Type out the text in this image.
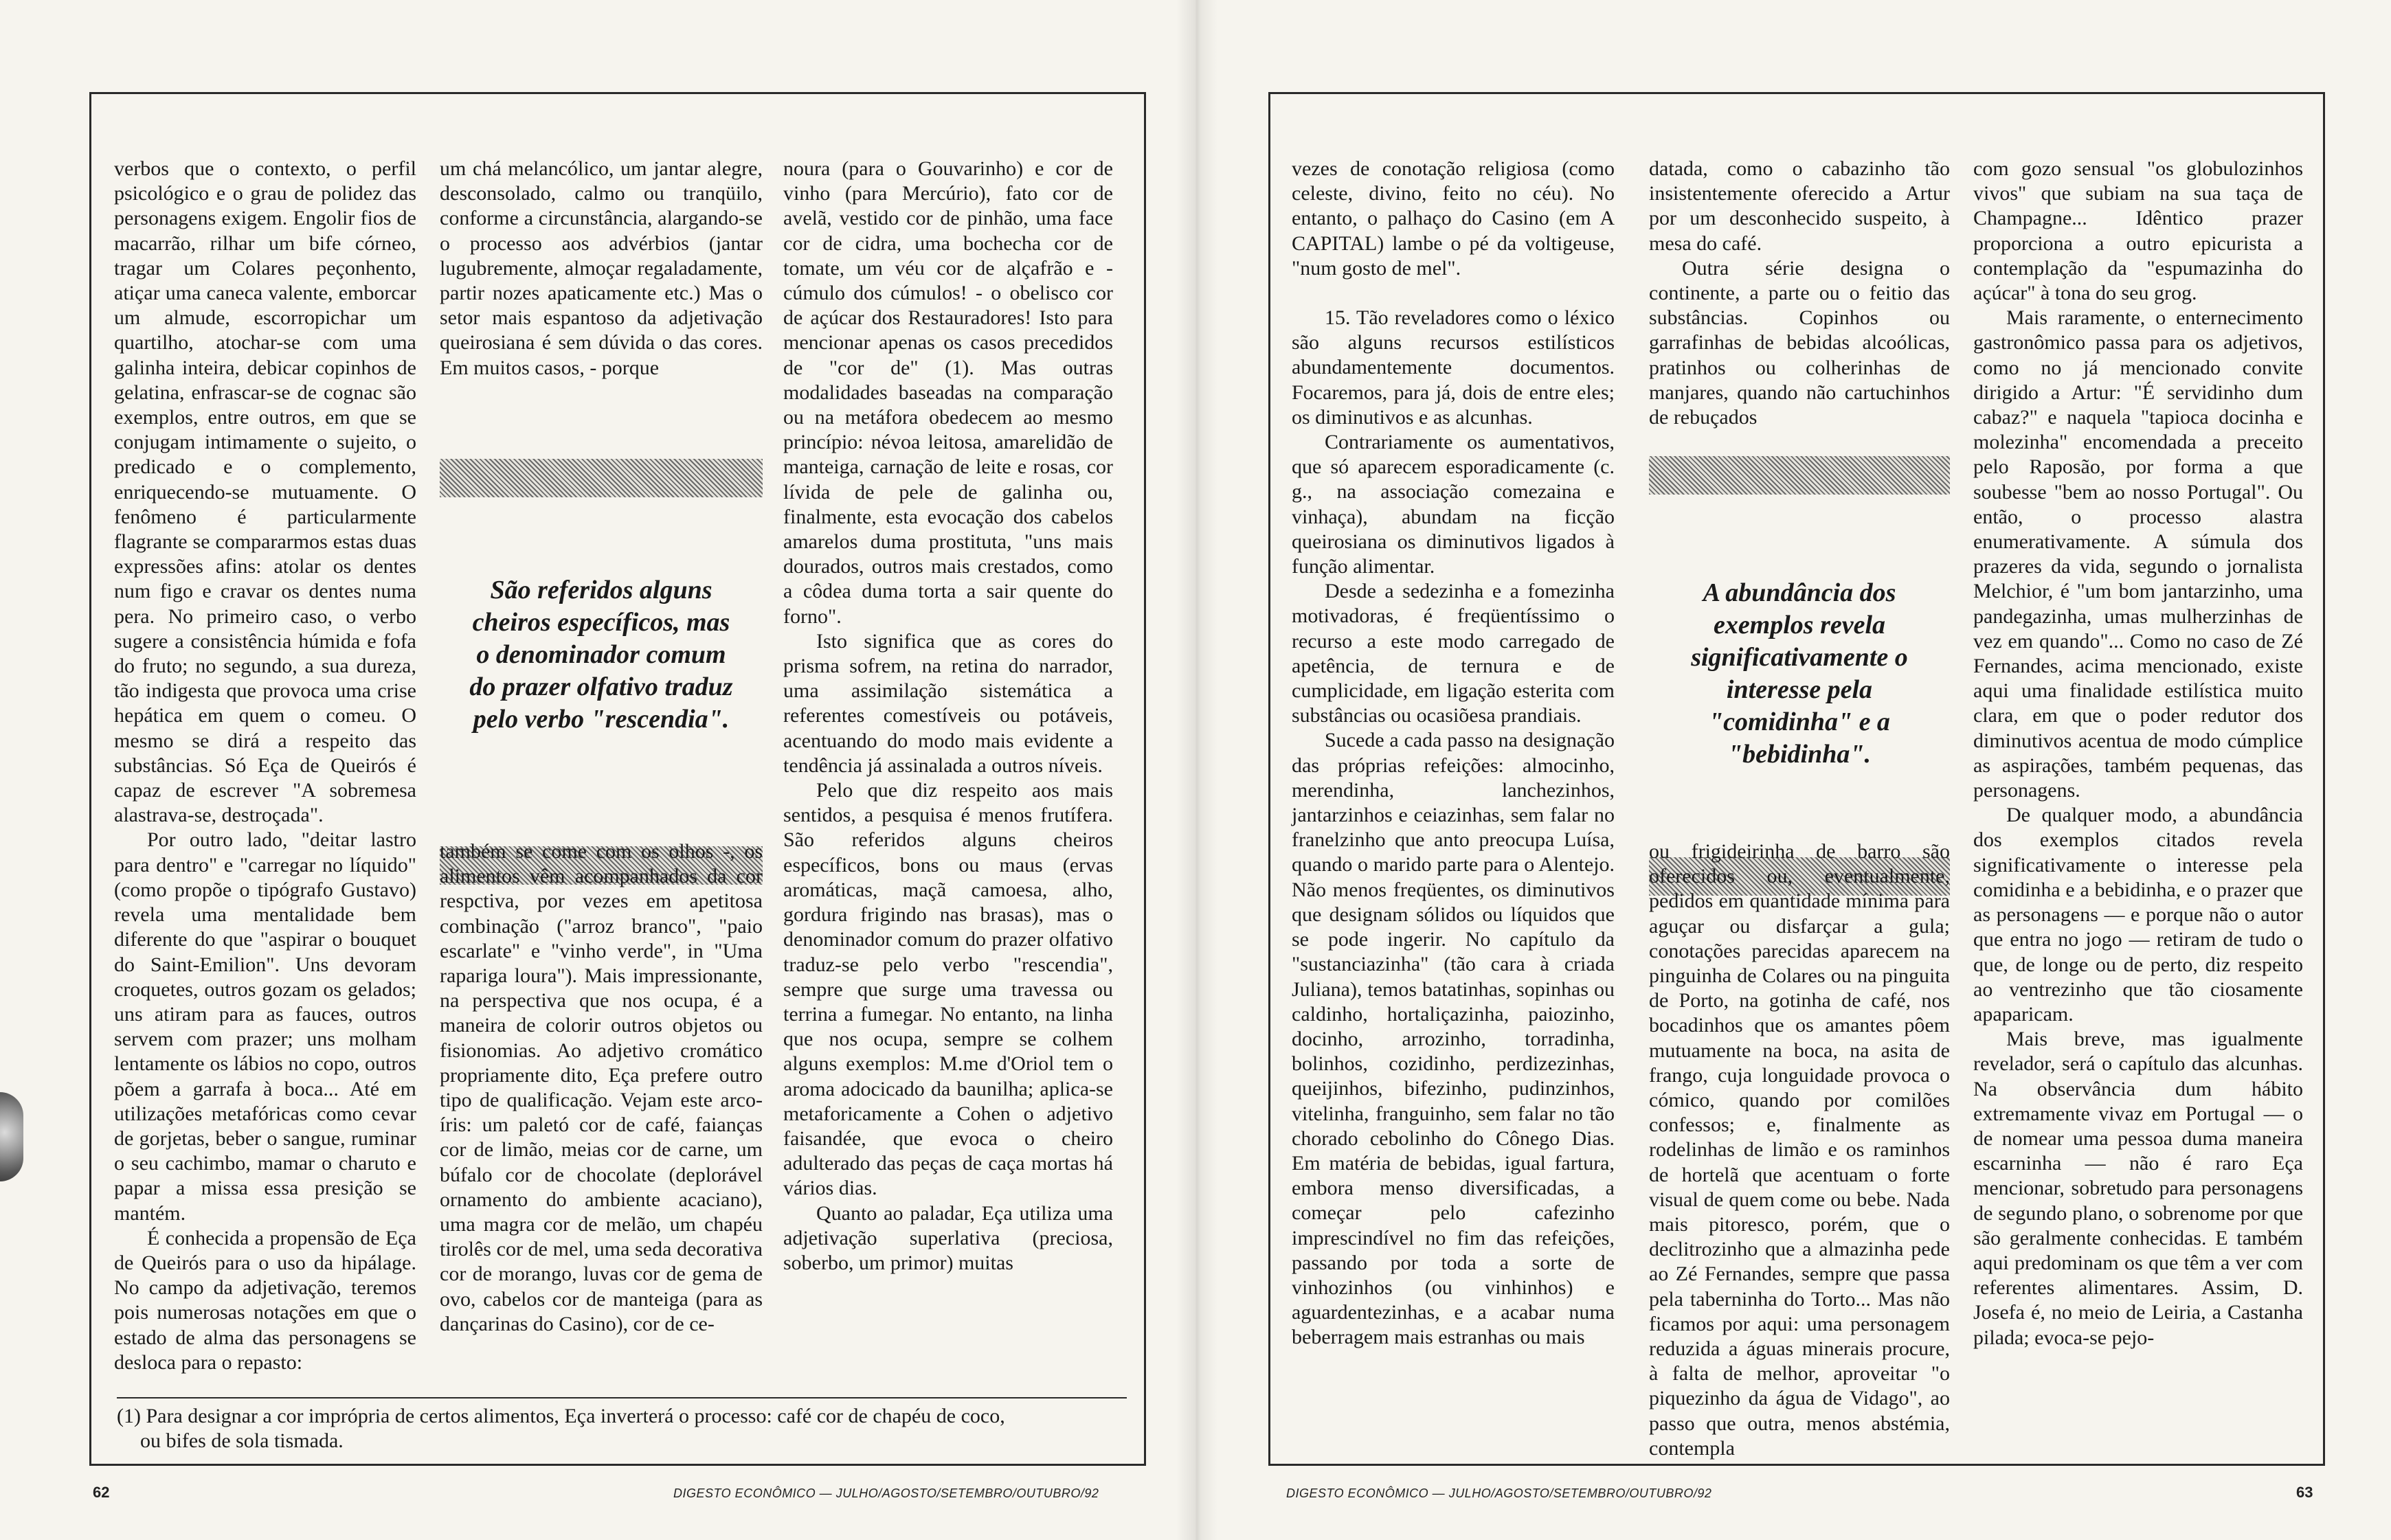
verbos que o contexto, o perfil psicológico e o grau de polidez das personagens exigem. Engolir fios de macarrão, rilhar um bife córneo, tragar um Colares peçonhento, atiçar uma caneca valente, emborcar um almude, escorropichar um quartilho, atochar-se com uma galinha inteira, debicar copinhos de gelatina, enfrascar-se de cognac são exemplos, entre outros, em que se conjugam intimamente o sujeito, o predicado e o complemento, enriquecendo-se mutuamente. O fenômeno é particularmente flagrante se compararmos estas duas expressões afins: atolar os dentes num figo e cravar os dentes numa pera. No primeiro caso, o verbo sugere a consistência húmida e fofa do fruto; no segundo, a sua dureza, tão indigesta que provoca uma crise hepática em quem o comeu. O mesmo se dirá a respeito das substâncias. Só Eça de Queirós é capaz de escrever "A sobremesa alastrava-se, destroçada".

Por outro lado, "deitar lastro para dentro" e "carregar no líquido" (como propõe o tipógrafo Gustavo) revela uma mentalidade bem diferente do que "aspirar o bouquet do Saint-Emilion". Uns devoram croquetes, outros gozam os gelados; uns atiram para as fauces, outros servem com prazer; uns molham lentamente os lábios no copo, outros põem a garrafa à boca... Até em utilizações metafóricas como cevar de gorjetas, beber o sangue, ruminar o seu cachimbo, mamar o charuto e papar a missa essa presição se mantém.

É conhecida a propensão de Eça de Queirós para o uso da hipálage. No campo da adjetivação, teremos pois numerosas notações em que o estado de alma das personagens se desloca para o repasto:

um chá melancólico, um jantar alegre, desconsolado, calmo ou tranqüilo, conforme a circunstância, alargando-se o processo aos advérbios (jantar lugubremente, almoçar regaladamente, partir nozes apaticamente etc.) Mas o setor mais espantoso da adjetivação queirosiana é sem dúvida o das cores. Em muitos casos, - porque

São referidos alguns cheiros específicos, mas o denominador comum do prazer olfativo traduz pelo verbo "rescendia".

também se come com os olhos -, os alimentos vêm acompanhados da cor respctiva, por vezes em apetitosa combinação ("arroz branco", "paio escarlate" e "vinho verde", in "Uma rapariga loura"). Mais impressionante, na perspectiva que nos ocupa, é a maneira de colorir outros objetos ou fisionomias. Ao adjetivo cromático propriamente dito, Eça prefere outro tipo de qualificação. Vejam este arco-íris: um paletó cor de café, faianças cor de limão, meias cor de carne, um búfalo cor de chocolate (deplorável ornamento do ambiente acaciano), uma magra cor de melão, um chapéu tirolês cor de mel, uma seda decorativa cor de morango, luvas cor de gema de ovo, cabelos cor de manteiga (para as dançarinas do Casino), cor de ce-

noura (para o Gouvarinho) e cor de vinho (para Mercúrio), fato cor de avelã, vestido cor de pinhão, uma face cor de cidra, uma bochecha cor de tomate, um véu cor de alçafrão e - cúmulo dos cúmulos! - o obelisco cor de açúcar dos Restauradores! Isto para mencionar apenas os casos precedidos de "cor de" (1). Mas outras modalidades baseadas na comparação ou na metáfora obedecem ao mesmo princípio: névoa leitosa, amarelidão de manteiga, carnação de leite e rosas, cor lívida de pele de galinha ou, finalmente, esta evocação dos cabelos amarelos duma prostituta, "uns mais dourados, outros mais crestados, como a côdea duma torta a sair quente do forno".

Isto significa que as cores do prisma sofrem, na retina do narrador, uma assimilação sistemática a referentes comestíveis ou potáveis, acentuando do modo mais evidente a tendência já assinalada a outros níveis.

Pelo que diz respeito aos mais sentidos, a pesquisa é menos frutífera. São referidos alguns cheiros específicos, bons ou maus (ervas aromáticas, maçã camoesa, alho, gordura frigindo nas brasas), mas o denominador comum do prazer olfativo traduz-se pelo verbo "rescendia", sempre que surge uma travessa ou terrina a fumegar. No entanto, na linha que nos ocupa, sempre se colhem alguns exemplos: M.me d'Oriol tem o aroma adocicado da baunilha; aplica-se metaforicamente a Cohen o adjetivo faisandée, que evoca o cheiro adulterado das peças de caça mortas há vários dias.

Quanto ao paladar, Eça utiliza uma adjetivação superlativa (preciosa, soberbo, um primor) muitas

(1) Para designar a cor imprópria de certos alimentos, Eça inverterá o processo: café cor de chapéu de coco,

ou bifes de sola tismada.

62	DIGESTO ECONÔMICO — JULHO/AGOSTO/SETEMBRO/OUTUBRO/92

vezes de conotação religiosa (como celeste, divino, feito no céu). No entanto, o palhaço do Casino (em A CAPITAL) lambe o pé da voltigeuse, "num gosto de mel".

15. Tão reveladores como o léxico são alguns recursos estilísticos abundamentemente documentos. Focaremos, para já, dois de entre eles; os diminutivos e as alcunhas.

Contrariamente os aumentativos, que só aparecem esporadicamente (c. g., na associação comezaina e vinhaça), abundam na ficção queirosiana os diminutivos ligados à função alimentar.

Desde a sedezinha e a fomezinha motivadoras, é freqüentíssimo o recurso a este modo carregado de apetência, de ternura e de cumplicidade, em ligação esterita com substâncias ou ocasiõesa prandiais.

Sucede a cada passo na designação das próprias refeições: almocinho, merendinha, lanchezinhos, jantarzinhos e ceiazinhas, sem falar no franelzinho que anto preocupa Luísa, quando o marido parte para o Alentejo. Não menos freqüentes, os diminutivos que designam sólidos ou líquidos que se pode ingerir. No capítulo da "sustanciazinha" (tão cara à criada Juliana), temos batatinhas, sopinhas ou caldinho, hortaliçazinha, paiozinho, docinho, arrozinho, torradinha, bolinhos, cozidinho, perdizezinhas, queijinhos, bifezinho, pudinzinhos, vitelinha, franguinho, sem falar no tão chorado cebolinho do Cônego Dias. Em matéria de bebidas, igual fartura, embora menso diversificadas, a começar pelo cafezinho imprescindível no fim das refeições, passando por toda a sorte de vinhozinhos (ou vinhinhos) e aguardentezinhas, e a acabar numa beberragem mais estranhas ou mais

datada, como o cabazinho tão insistentemente oferecido a Artur por um desconhecido suspeito, à mesa do café.

Outra série designa o continente, a parte ou o feitio das substâncias. Copinhos ou garrafinhas de bebidas alcoólicas, pratinhos ou colherinhas de manjares, quando não cartuchinhos de rebuçados

A abundância dos exemplos revela significativamente o interesse pela "comidinha" e a "bebidinha".

ou frigideirinha de barro são oferecidos ou, eventualmente, pedidos em quantidade mínima para aguçar ou disfarçar a gula; conotações parecidas aparecem na pinguinha de Colares ou na pinguita de Porto, na gotinha de café, nos bocadinhos que os amantes pôem mutuamente na boca, na asita de frango, cuja longuidade provoca o cómico, quando por comilões confessos; e, finalmente as rodelinhas de limão e os raminhos de hortelã que acentuam o forte visual de quem come ou bebe. Nada mais pitoresco, porém, que o declitrozinho que a almazinha pede ao Zé Fernandes, sempre que passa pela taberninha do Torto... Mas não ficamos por aqui: uma personagem reduzida a águas minerais procure, à falta de melhor, aproveitar "o piquezinho da água de Vidago", ao passo que outra, menos abstémia, contempla

com gozo sensual "os globulozinhos vivos" que subiam na sua taça de Champagne... Idêntico prazer proporciona a outro epicurista a contemplação da "espumazinha do açúcar" à tona do seu grog.

Mais raramente, o enternecimento gastronômico passa para os adjetivos, como no já mencionado convite dirigido a Artur: "É servidinho dum cabaz?" e naquela "tapioca docinha e molezinha" encomendada a preceito pelo Raposão, por forma a que soubesse "bem ao nosso Portugal". Ou então, o processo alastra enumerativamente. A súmula dos prazeres da vida, segundo o jornalista Melchior, é "um bom jantarzinho, uma pandegazinha, umas mulherzinhas de vez em quando"... Como no caso de Zé Fernandes, acima mencionado, existe aqui uma finalidade estilística muito clara, em que o poder redutor dos diminutivos acentua de modo cúmplice as aspirações, também pequenas, das personagens.

De qualquer modo, a abundância dos exemplos citados revela significativamente o interesse pela comidinha e a bebidinha, e o prazer que as personagens — e porque não o autor que entra no jogo — retiram de tudo o que, de longe ou de perto, diz respeito ao ventrezinho que tão ciosamente apaparicam.

Mais breve, mas igualmente revelador, será o capítulo das alcunhas. Na observância dum hábito extremamente vivaz em Portugal — o de nomear uma pessoa duma maneira escarninha — não é raro Eça mencionar, sobretudo para personagens de segundo plano, o sobrenome por que são geralmente conhecidas. E também aqui predominam os que têm a ver com referentes alimentares. Assim, D. Josefa é, no meio de Leiria, a Castanha pilada; evoca-se pejo-

DIGESTO ECONÔMICO — JULHO/AGOSTO/SETEMBRO/OUTUBRO/92	63
